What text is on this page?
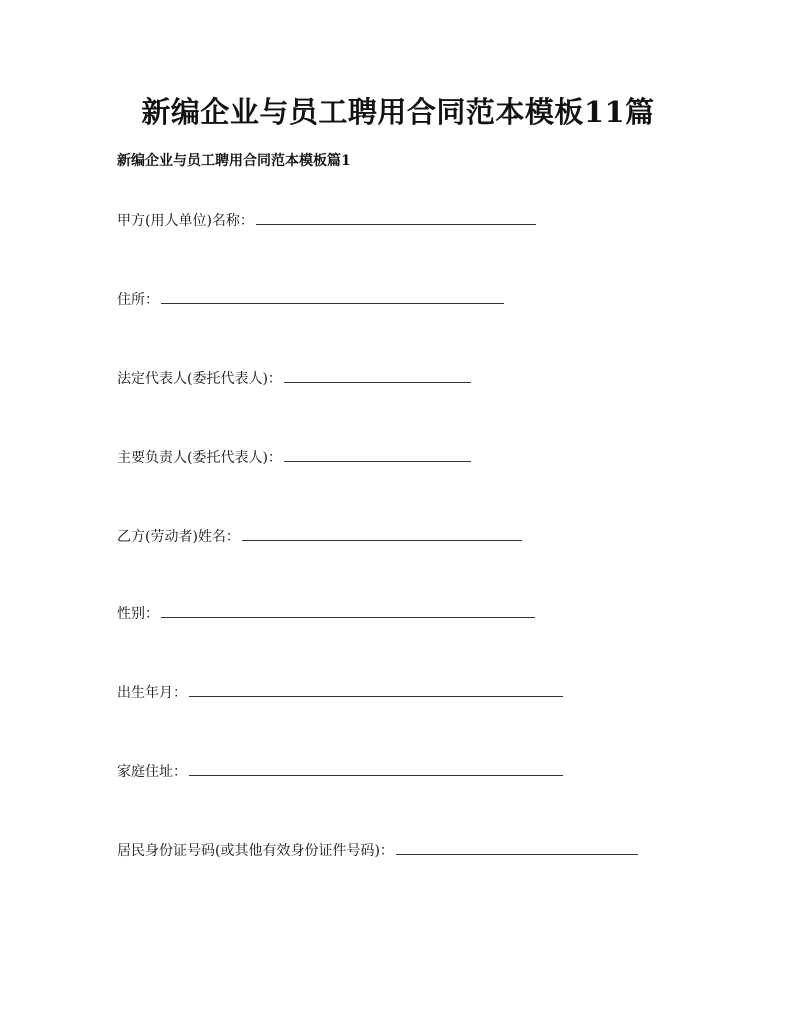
新编企业与员工聘用合同范本模板11篇
新编企业与员工聘用合同范本模板篇1
甲方(用人单位)名称：
住所：
法定代表人(委托代表人)：
主要负责人(委托代表人)：
乙方(劳动者)姓名：
性别：
出生年月：
家庭住址：
居民身份证号码(或其他有效身份证件号码)：
